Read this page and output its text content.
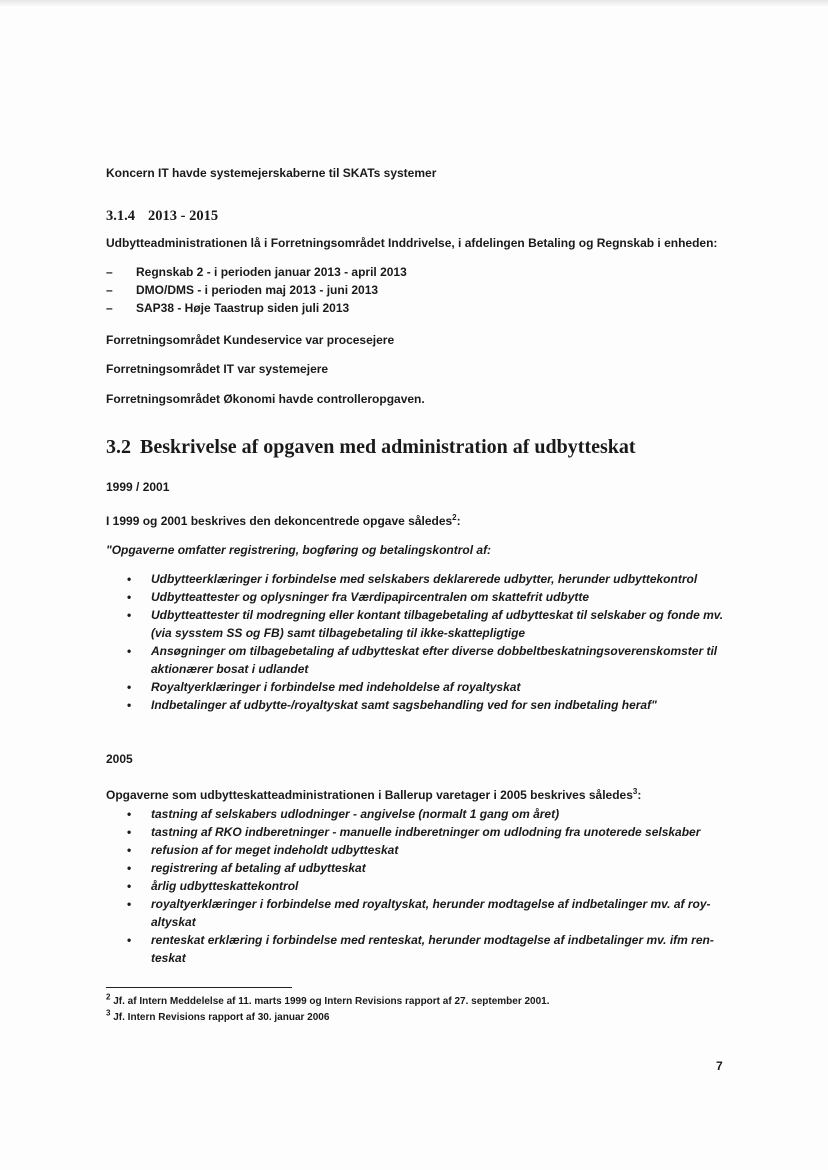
Koncern IT havde systemejerskaberne til SKATs systemer
3.1.4 2013 - 2015
Udbytteadministrationen lå i Forretningsområdet Inddrivelse, i afdelingen Betaling og Regnskab i enheden:
– Regnskab 2 - i perioden januar 2013 - april 2013
– DMO/DMS - i perioden maj 2013 - juni 2013
– SAP38 - Høje Taastrup siden juli 2013
Forretningsområdet Kundeservice var procesejere
Forretningsområdet IT var systemejere
Forretningsområdet Økonomi havde controlleropgaven.
3.2 Beskrivelse af opgaven med administration af udbytteskat
1999 / 2001
I 1999 og 2001 beskrives den dekoncentrede opgave således$^2$:
"Opgaverne omfatter registrering, bogføring og betalingskontrol af:
• Udbytteerklæringer i forbindelse med selskabers deklarerede udbytter, herunder udbyttekontrol
• Udbytteattester og oplysninger fra Værdipapircentralen om skattefrit udbytte
• Udbytteattester til modregning eller kontant tilbagebetaling af udbytteskat til selskaber og fonde mv. (via sysstem SS og FB) samt tilbagebetaling til ikke-skattepligtige
• Ansøgninger om tilbagebetaling af udbytteskat efter diverse dobbeltbeskatningsoverenskomster til aktionærer bosat i udlandet
• Royaltyerklæringer i forbindelse med indeholdelse af royaltyskat
• Indbetalinger af udbytte-/royaltyskat samt sagsbehandling ved for sen indbetaling heraf"
2005
Opgaverne som udbytteskatteadministrationen i Ballerup varetager i 2005 beskrives således$^3$:
• tastning af selskabers udlodninger - angivelse (normalt 1 gang om året)
• tastning af RKO indberetninger - manuelle indberetninger om udlodning fra unoterede selskaber
• refusion af for meget indeholdt udbytteskat
• registrering af betaling af udbytteskat
• årlig udbytteskattekontrol
• royaltyerklæringer i forbindelse med royaltyskat, herunder modtagelse af indbetalinger mv. af roy-altyskat
• renteskat erklæring i forbindelse med renteskat, herunder modtagelse af indbetalinger mv. ifm ren-teskat
$^2$ Jf. af Intern Meddelelse af 11. marts 1999 og Intern Revisions rapport af 27. september 2001.
$^3$ Jf. Intern Revisions rapport af 30. januar 2006
7
